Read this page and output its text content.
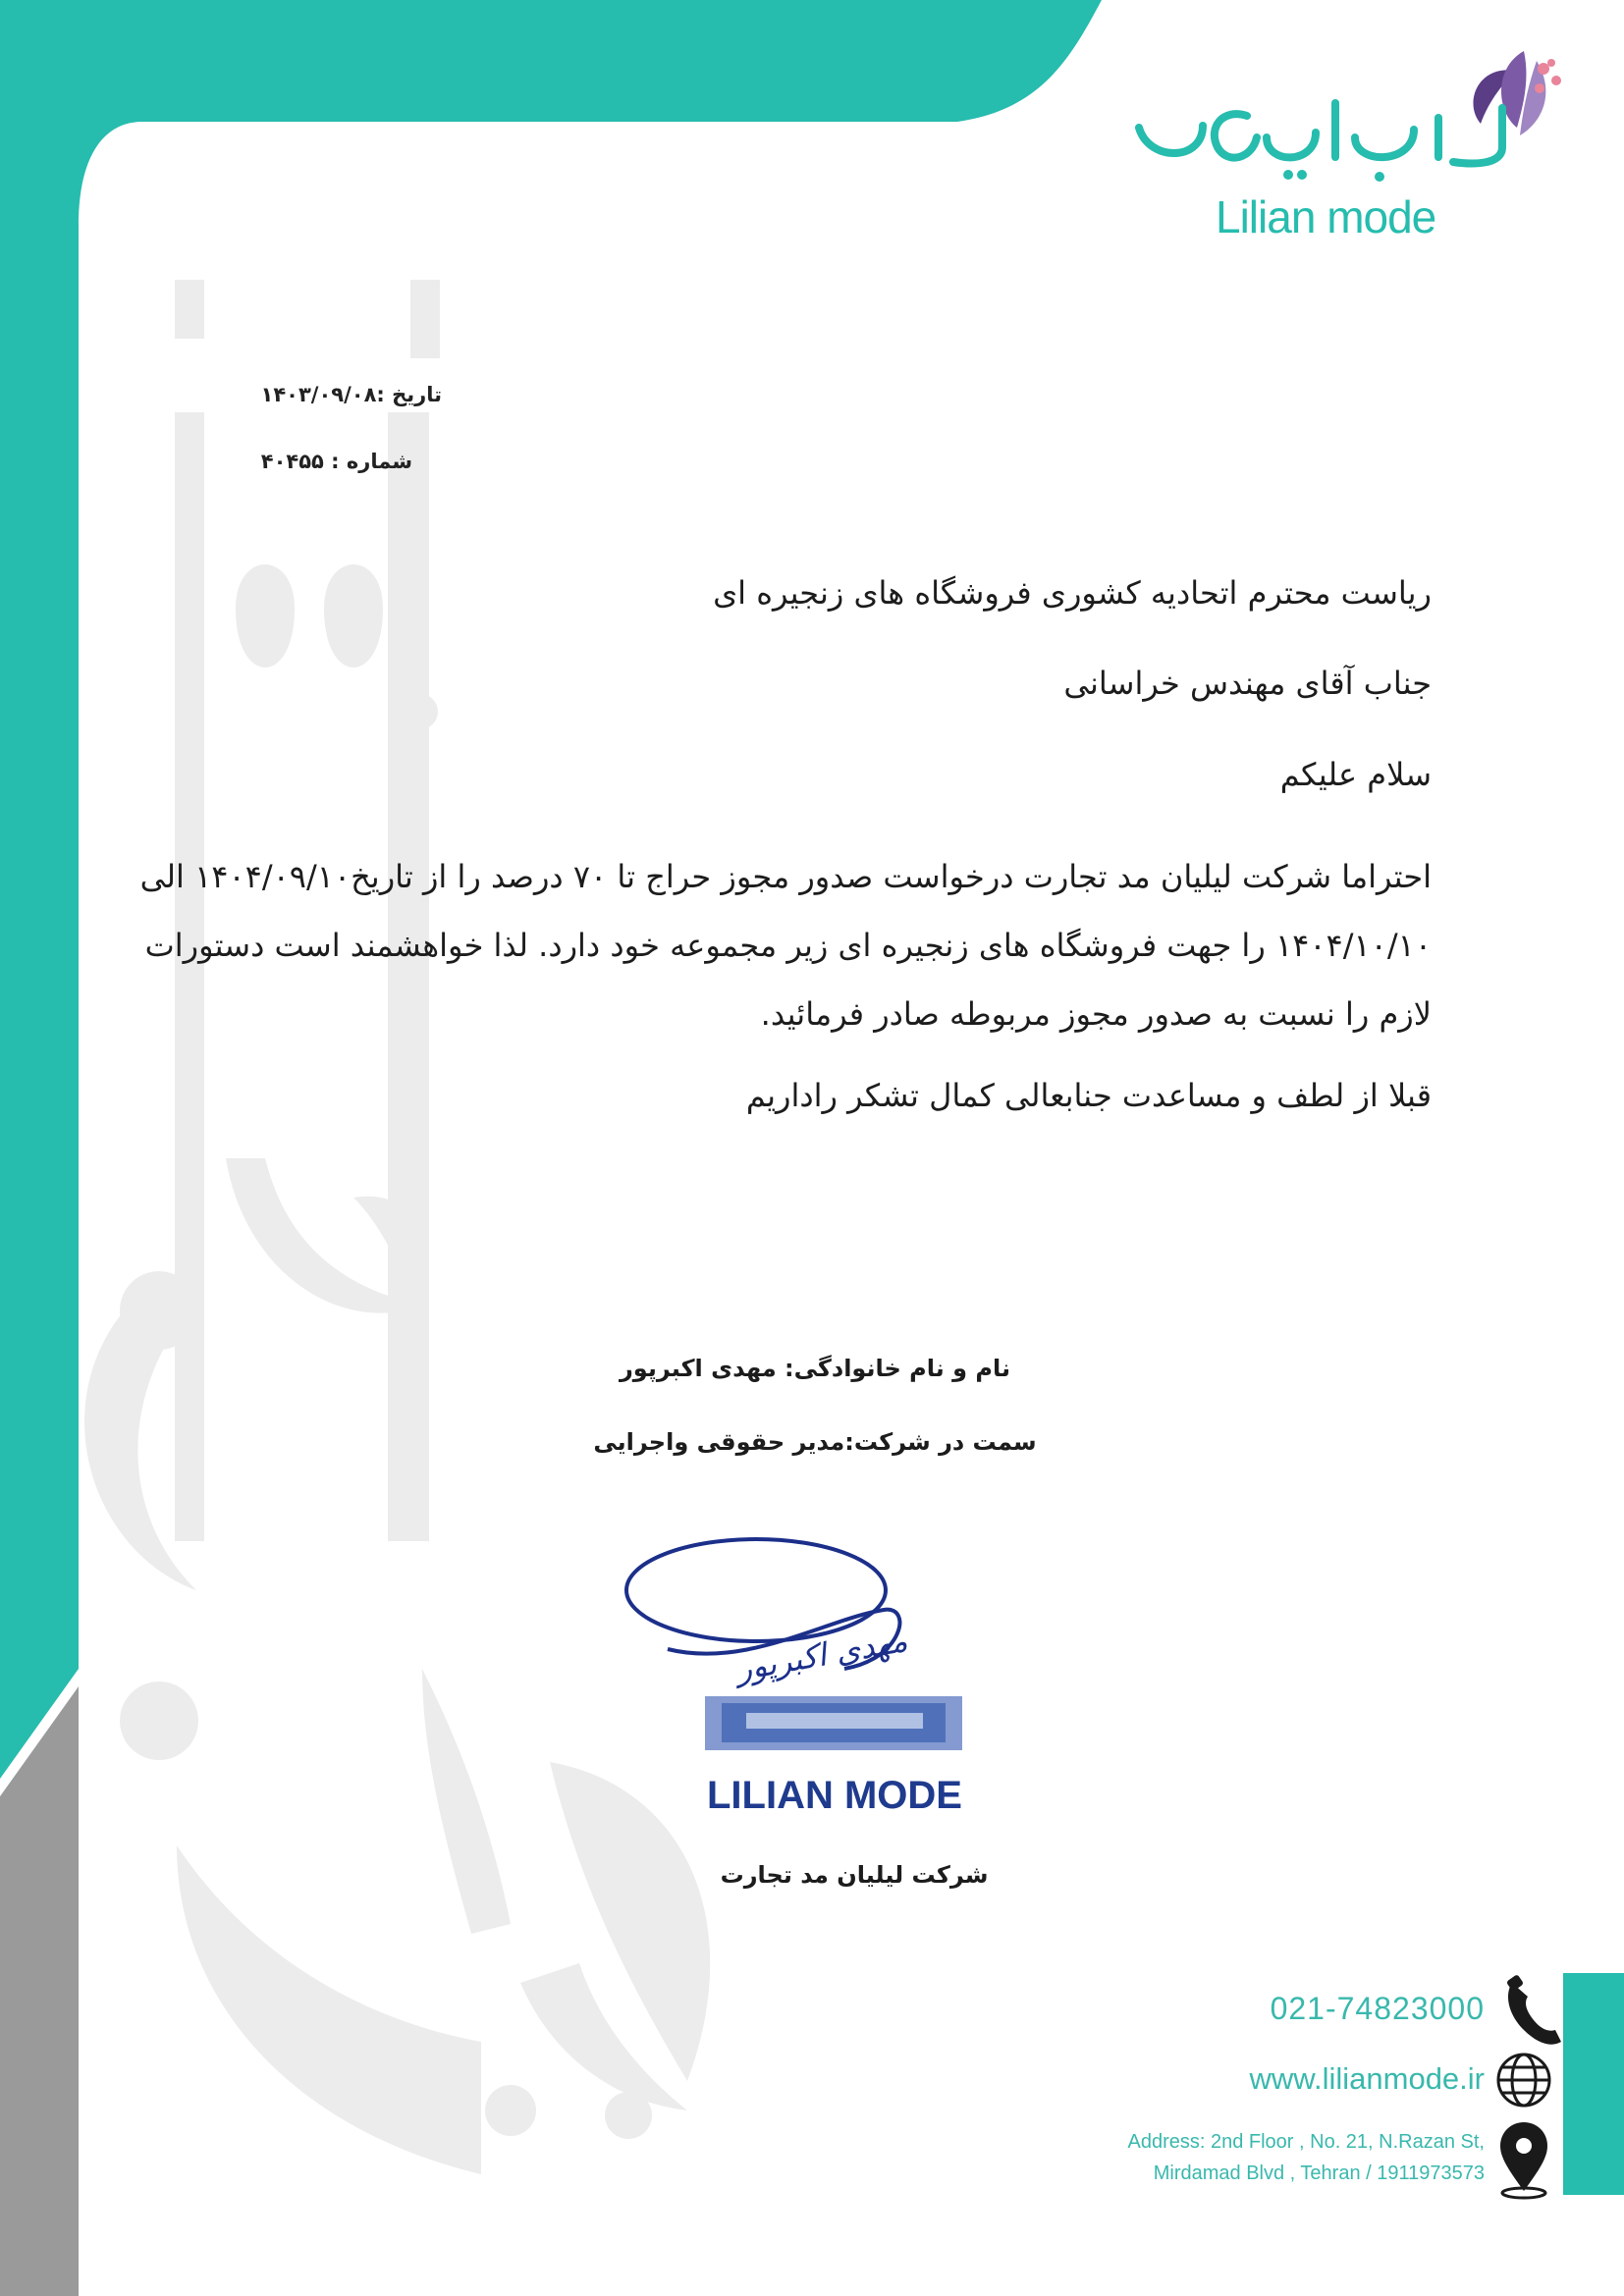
LILIAN MODE
مهدی اکبرپور
Lilian mode
تاریخ :۱۴۰۳/۰۹/۰۸
شماره : ۴۰۴۵۵
ریاست محترم اتحادیه کشوری فروشگاه های زنجیره ای
جناب آقای مهندس خراسانی
سلام علیکم
احتراما شرکت لیلیان مد تجارت درخواست صدور مجوز حراج تا ۷۰ درصد را از تاریخ۱۴۰۴/۰۹/۱۰ الی ۱۴۰۴/۱۰/۱۰ را جهت فروشگاه های زنجیره ای زیر مجموعه خود دارد. لذا خواهشمند است دستورات لازم را نسبت به صدور مجوز مربوطه صادر فرمائید.
قبلا از لطف و مساعدت جنابعالی کمال تشکر راداریم
نام و نام خانوادگی: مهدی اکبرپور
سمت در شرکت:مدیر حقوقی واجرایی
شرکت لیلیان مد تجارت
021-74823000
www.lilianmode.ir
Address: 2nd Floor , No. 21, N.Razan St,
Mirdamad Blvd , Tehran / 1911973573
